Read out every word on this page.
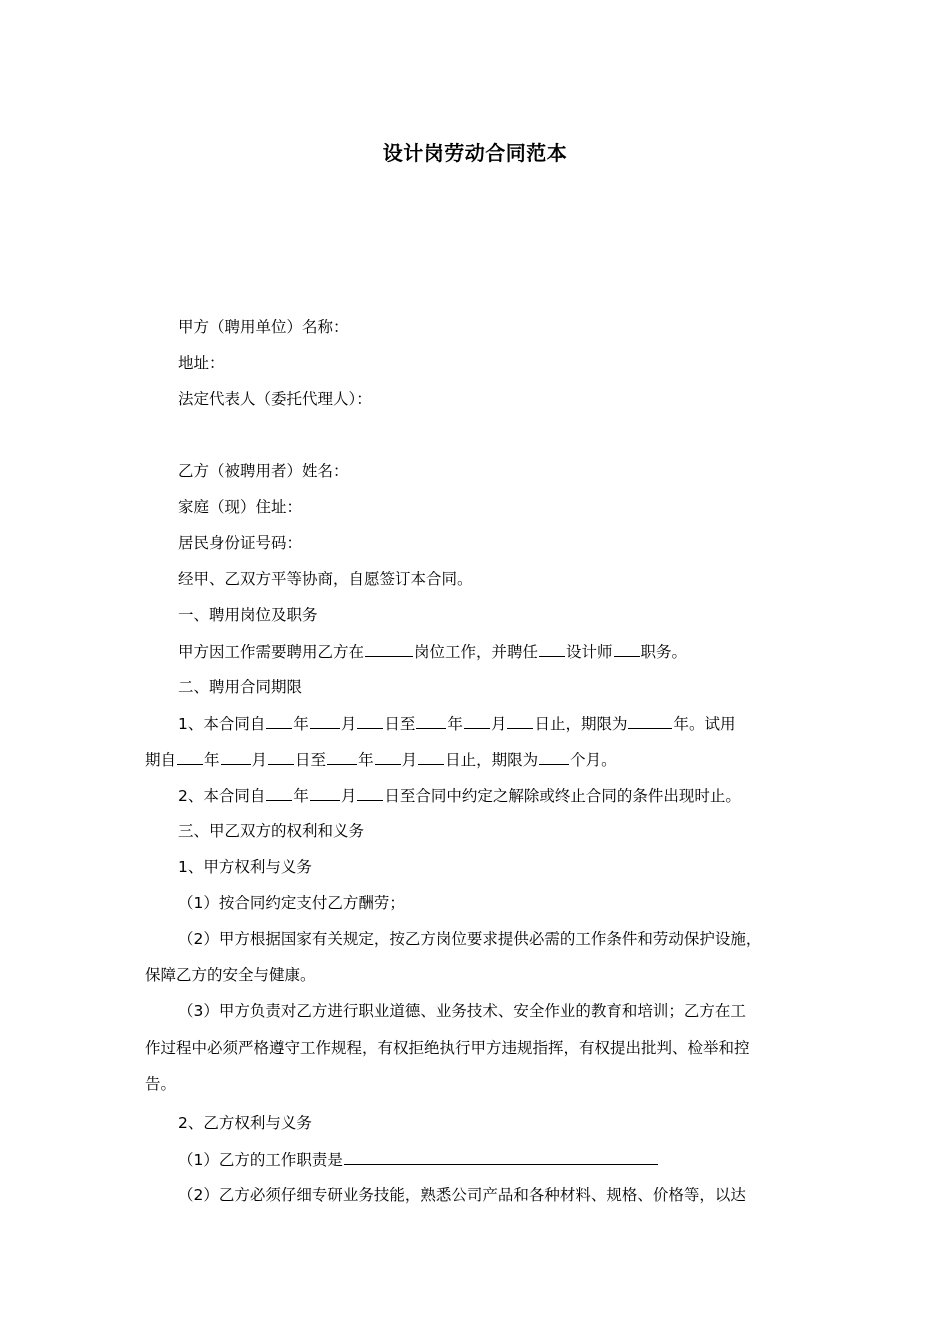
设计岗劳动合同范本
甲方（聘用单位）名称：
地址：
法定代表人（委托代理人）：
乙方（被聘用者）姓名：
家庭（现）住址：
居民身份证号码：
经甲、乙双方平等协商，自愿签订本合同。
一、聘用岗位及职务
甲方因工作需要聘用乙方在	岗位工作，并聘任 设计师 职务。
二、聘用合同期限
1、本合同自 年 月 日至 年 月 日止，期限为	年。试用
期自 年 月 日至 年 月 日止，期限为 个月。
2、本合同自 年 月 日至合同中约定之解除或终止合同的条件出现时止。
三、甲乙双方的权利和义务
1、甲方权利与义务
（1）按合同约定支付乙方酬劳；
（2）甲方根据国家有关规定，按乙方岗位要求提供必需的工作条件和劳动保护设施，
保障乙方的安全与健康。
（3）甲方负责对乙方进行职业道德、业务技术、安全作业的教育和培训；乙方在工
作过程中必须严格遵守工作规程，有权拒绝执行甲方违规指挥，有权提出批判、检举和控
告。
2、乙方权利与义务
（1）乙方的工作职责是
（2）乙方必须仔细专研业务技能，熟悉公司产品和各种材料、规格、价格等，以达
